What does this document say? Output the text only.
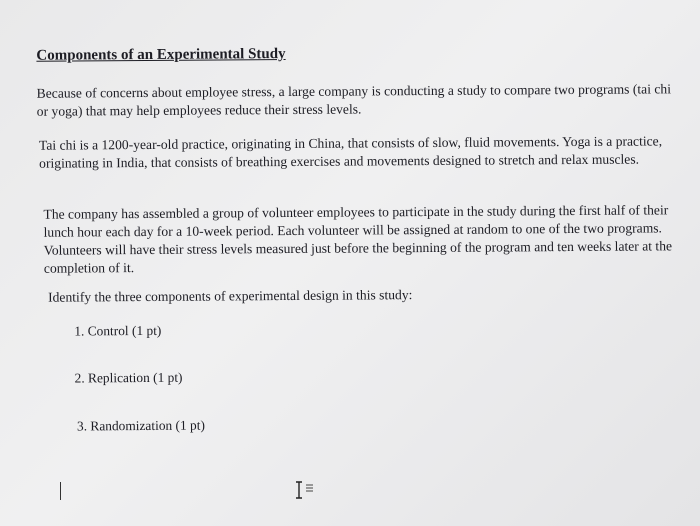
Components of an Experimental Study

Because of concerns about employee stress, a large company is conducting a study to compare two programs (tai chi or yoga) that may help employees reduce their stress levels.

Tai chi is a 1200-year-old practice, originating in China, that consists of slow, fluid movements. Yoga is a practice, originating in India, that consists of breathing exercises and movements designed to stretch and relax muscles.

The company has assembled a group of volunteer employees to participate in the study during the first half of their lunch hour each day for a 10-week period. Each volunteer will be assigned at random to one of the two programs. Volunteers will have their stress levels measured just before the beginning of the program and ten weeks later at the completion of it.

Identify the three components of experimental design in this study:
1. Control (1 pt)
2. Replication (1 pt)
3. Randomization (1 pt)
